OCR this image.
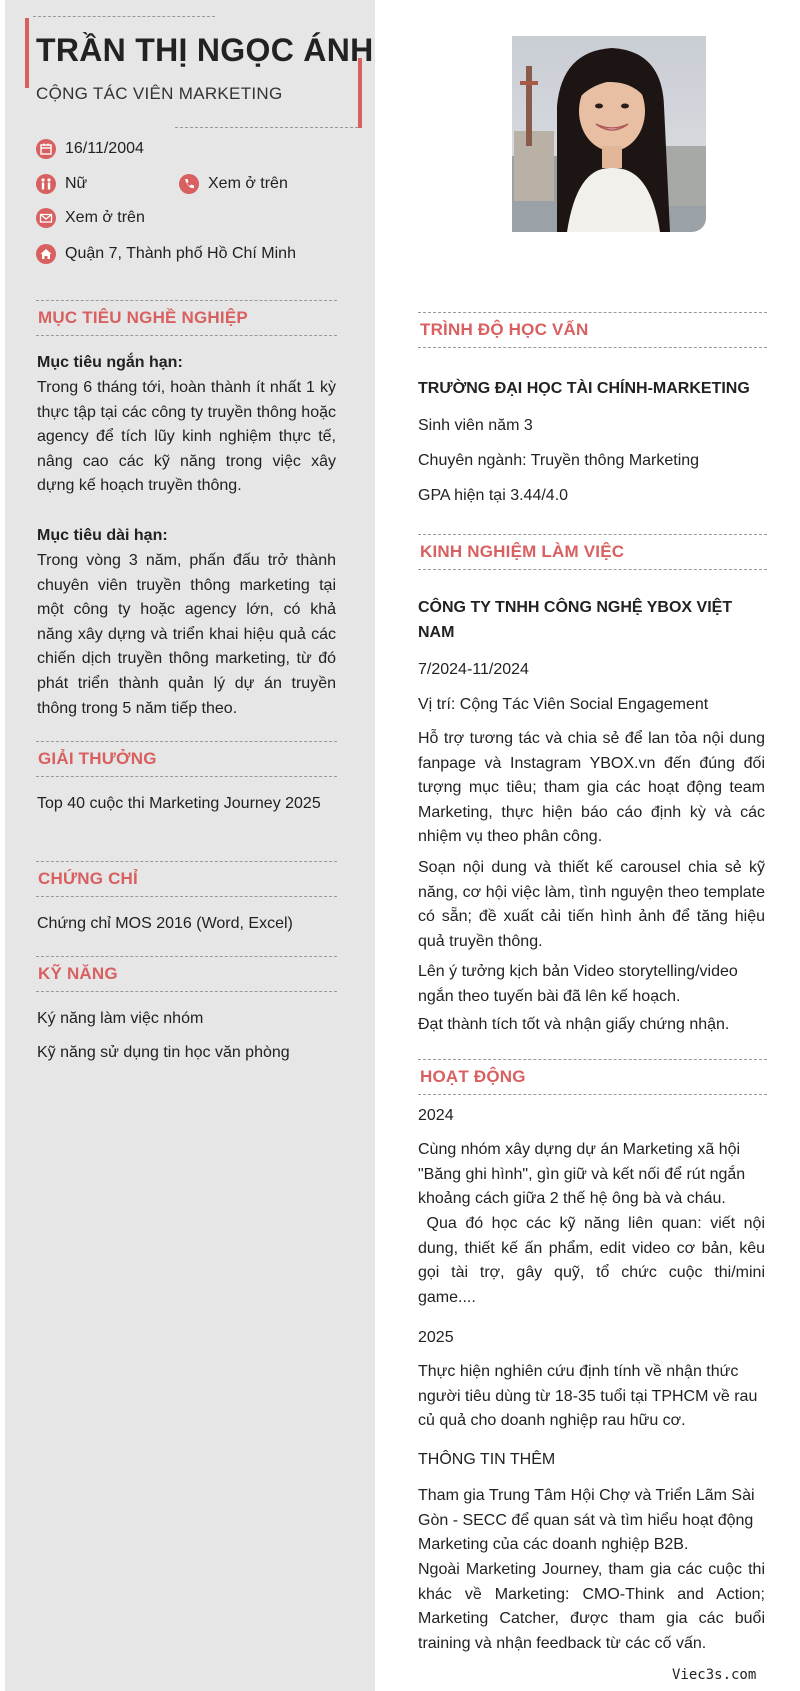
TRẦN THỊ NGỌC ÁNH
CỘNG TÁC VIÊN MARKETING
16/11/2004
Nữ	Xem ở trên
Xem ở trên
Quận 7, Thành phố Hồ Chí Minh
MỤC TIÊU NGHỀ NGHIỆP
Mục tiêu ngắn hạn:
Trong 6 tháng tới, hoàn thành ít nhất 1 kỳ thực tập tại các công ty truyền thông hoặc agency để tích lũy kinh nghiệm thực tế, nâng cao các kỹ năng trong việc xây dựng kế hoạch truyền thông.
Mục tiêu dài hạn:
Trong vòng 3 năm, phấn đấu trở thành chuyên viên truyền thông marketing tại một công ty hoặc agency lớn, có khả năng xây dựng và triển khai hiệu quả các chiến dịch truyền thông marketing, từ đó phát triển thành quản lý dự án truyền thông trong 5 năm tiếp theo.
GIẢI THƯỞNG
Top 40 cuộc thi Marketing Journey 2025
CHỨNG CHỈ
Chứng chỉ MOS 2016 (Word, Excel)
KỸ NĂNG
Ký năng làm việc nhóm
Kỹ năng sử dụng tin học văn phòng
TRÌNH ĐỘ HỌC VẤN
TRƯỜNG ĐẠI HỌC TÀI CHÍNH-MARKETING
Sinh viên năm 3
Chuyên ngành: Truyền thông Marketing
GPA hiện tại 3.44/4.0
KINH NGHIỆM LÀM VIỆC
CÔNG TY TNHH CÔNG NGHỆ YBOX VIỆT NAM
7/2024-11/2024
Vị trí: Cộng Tác Viên Social Engagement
Hỗ trợ tương tác và chia sẻ để lan tỏa nội dung fanpage và Instagram YBOX.vn đến đúng đối tượng mục tiêu; tham gia các hoạt động team Marketing, thực hiện báo cáo định kỳ và các nhiệm vụ theo phân công.
Soạn nội dung và thiết kế carousel chia sẻ kỹ năng, cơ hội việc làm, tình nguyện theo template có sẵn; đề xuất cải tiến hình ảnh để tăng hiệu quả truyền thông.
Lên ý tưởng kịch bản Video storytelling/video ngắn theo tuyến bài đã lên kế hoạch.
Đạt thành tích tốt và nhận giấy chứng nhận.
HOẠT ĐỘNG
2024
Cùng nhóm xây dựng dự án Marketing xã hội "Băng ghi hình", gìn giữ và kết nối để rút ngắn khoảng cách giữa 2 thế hệ ông bà và cháu.
Qua đó học các kỹ năng liên quan: viết nội dung, thiết kế ấn phẩm, edit video cơ bản, kêu gọi tài trợ, gây quỹ, tổ chức cuộc thi/mini game....
2025
Thực hiện nghiên cứu định tính về nhận thức người tiêu dùng từ 18-35 tuổi tại TPHCM về rau củ quả cho doanh nghiệp rau hữu cơ.
THÔNG TIN THÊM
Tham gia Trung Tâm Hội Chợ và Triển Lãm Sài Gòn - SECC để quan sát và tìm hiểu hoạt động Marketing của các doanh nghiệp B2B.
Ngoài Marketing Journey, tham gia các cuộc thi khác về Marketing: CMO-Think and Action; Marketing Catcher, được tham gia các buổi training và nhận feedback từ các cố vấn.
Viec3s.com
